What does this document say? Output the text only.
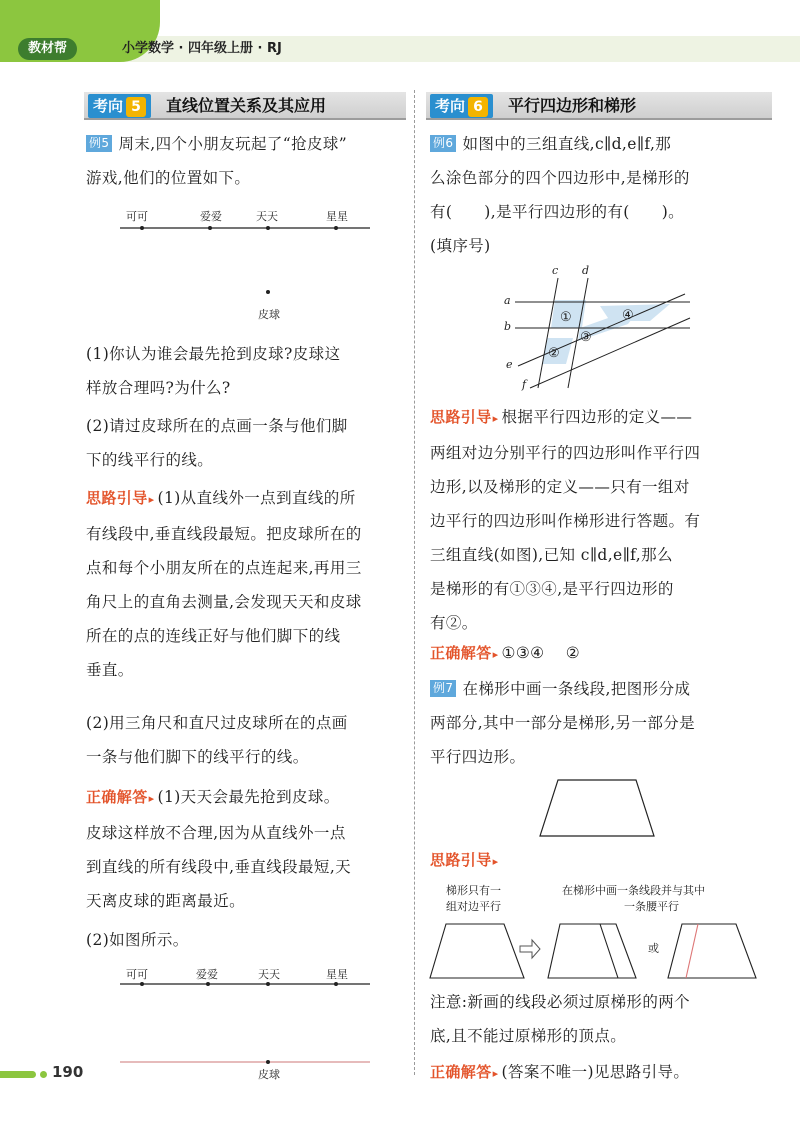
教材帮	小学数学 · 四年级上册 · RJ
考向 5	直线位置关系及其应用
例5 周末,四个小朋友玩起了“抢皮球”
游戏,他们的位置如下。
可可	爱爱	天天	星星
皮球
(1)你认为谁会最先抢到皮球?皮球这
样放合理吗?为什么?
(2)请过皮球所在的点画一条与他们脚
下的线平行的线。
思路引导▸ (1)从直线外一点到直线的所
有线段中,垂直线段最短。把皮球所在的
点和每个小朋友所在的点连起来,再用三
角尺上的直角去测量,会发现天天和皮球
所在的点的连线正好与他们脚下的线
垂直。
(2)用三角尺和直尺过皮球所在的点画
一条与他们脚下的线平行的线。
正确解答▸ (1)天天会最先抢到皮球。
皮球这样放不合理,因为从直线外一点
到直线的所有线段中,垂直线段最短,天
天离皮球的距离最近。
(2)如图所示。
可可	爱爱	天天	星星
皮球
考向 6	平行四边形和梯形
例6 如图中的三组直线,c∥d,e∥f,那
么涂色部分的四个四边形中,是梯形的
有(      ),是平行四边形的有(      )。
(填序号)
c d
a
b
e
f
①
②
③
④
思路引导▸ 根据平行四边形的定义——
两组对边分别平行的四边形叫作平行四
边形,以及梯形的定义——只有一组对
边平行的四边形叫作梯形进行答题。有
三组直线(如图),已知 c∥d,e∥f,那么
是梯形的有①③④,是平行四边形的
有②。
正确解答▸ ①③④    ②
例7 在梯形中画一条线段,把图形分成
两部分,其中一部分是梯形,另一部分是
平行四边形。
思路引导▸
梯形只有一
组对边平行
在梯形中画一条线段并与其中
一条腰平行
或
注意:新画的线段必须过原梯形的两个
底,且不能过原梯形的顶点。
正确解答▸ (答案不唯一)见思路引导。
190
